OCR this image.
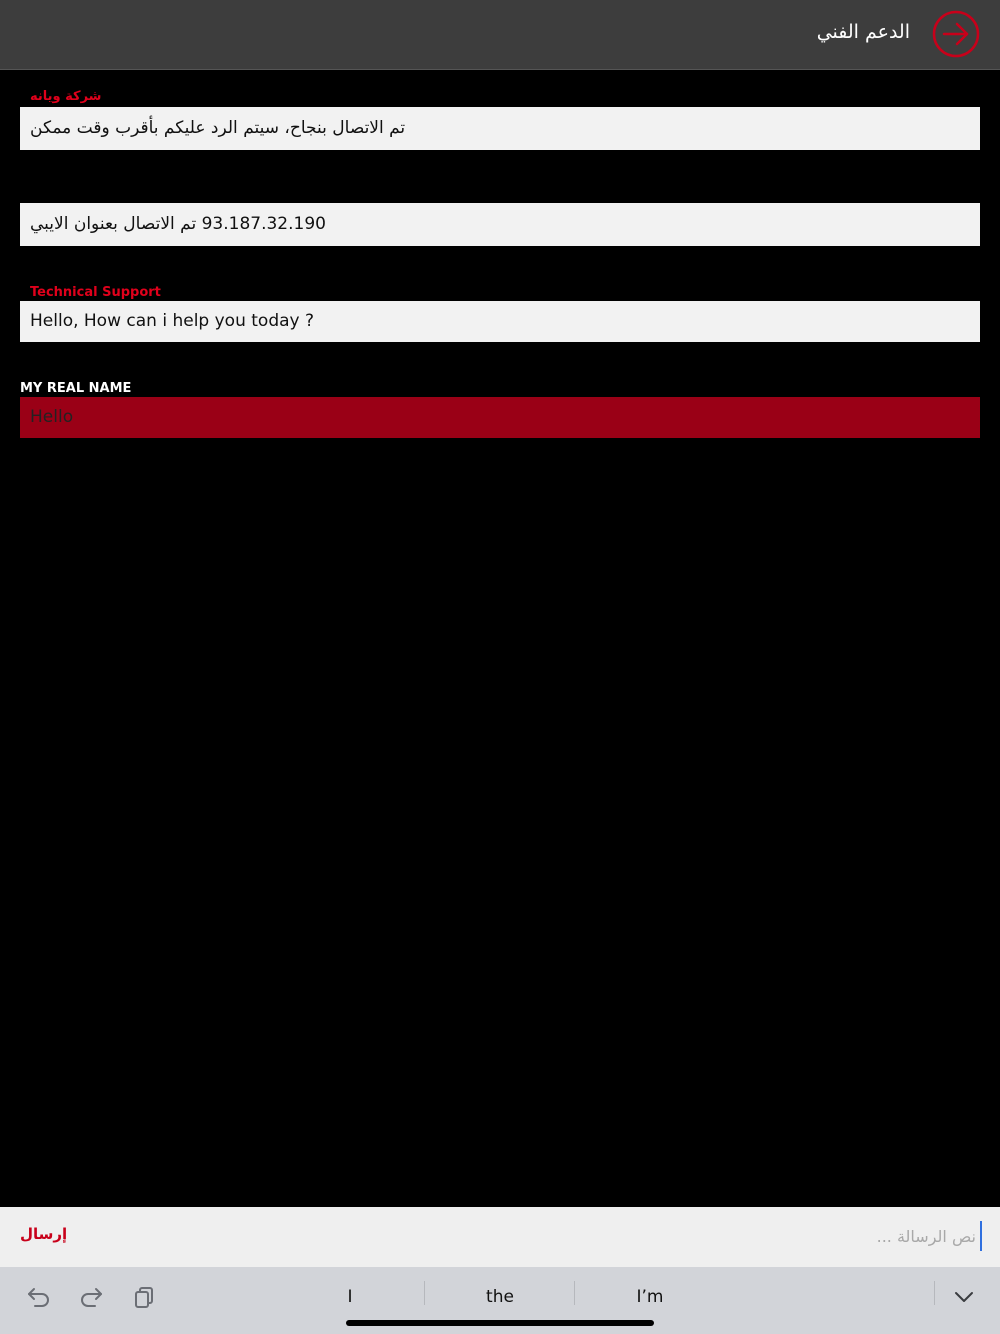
الدعم الفني
شركة ويانه
تم الاتصال بنجاح، سيتم الرد عليكم بأقرب وقت ممكن
93.187.32.190 تم الاتصال بعنوان الايبي
Technical Support
Hello, How can i help you today ?
MY REAL NAME
Hello
إرسال
نص الرسالة ...
I	the	I’m
